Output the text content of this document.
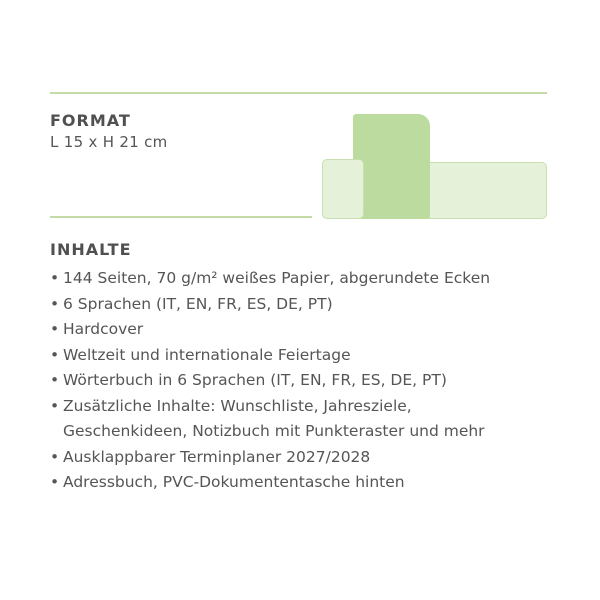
FORMAT
L 15 x H 21 cm
INHALTE
• 144 Seiten, 70 g/m² weißes Papier, abgerundete Ecken
• 6 Sprachen (IT, EN, FR, ES, DE, PT)
• Hardcover
• Weltzeit und internationale Feiertage
• Wörterbuch in 6 Sprachen (IT, EN, FR, ES, DE, PT)
• Zusätzliche Inhalte: Wunschliste, Jahresziele,
Geschenkideen, Notizbuch mit Punkteraster und mehr
• Ausklappbarer Terminplaner 2027/2028
• Adressbuch, PVC-Dokumententasche hinten
